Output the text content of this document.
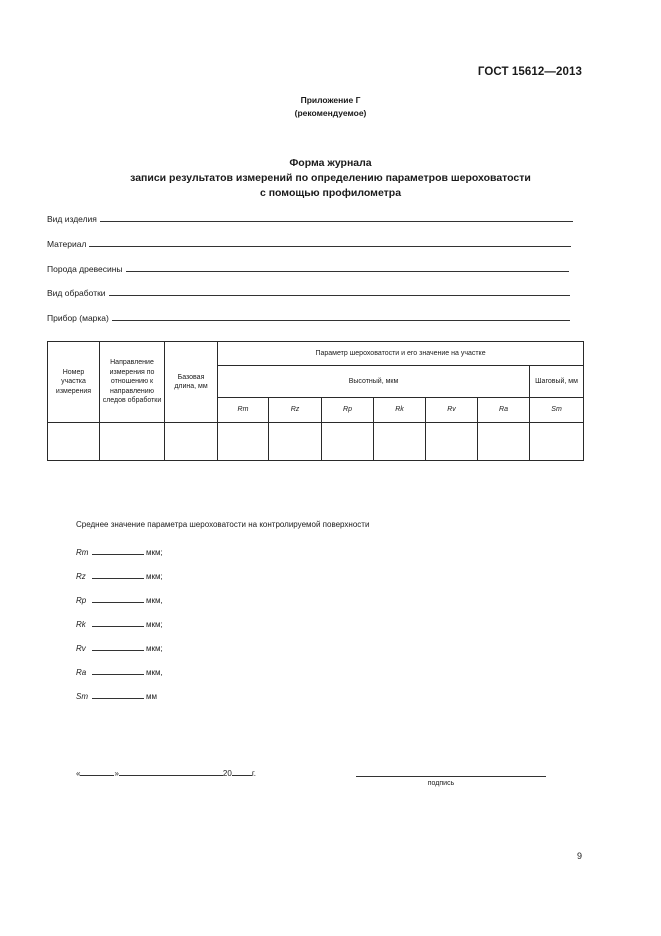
ГОСТ 15612—2013
Приложение Г
(рекомендуемое)
Форма журнала
записи результатов измерений по определению параметров шероховатости
с помощью профилометра
Вид изделия
Материал
Порода древесины
Вид обработки
Прибор (марка)
Номер участка измерения	Направление измерения по отношению к направлению следов обработки	Базовая длина, мм	Параметр шероховатости и его значение на участке						
			Высотный, мкм						Шаговый, мм
			Rm	Rz	Rp	Rk	Rv	Ra	Sm

Среднее значение параметра шероховатости на контролируемой поверхности
Rm	мкм;
Rz	мкм;
Rp	мкм,
Rk	мкм;
Rv	мкм;
Ra	мкм,
Sm	мм
«	»	20	г.
подпись
9
